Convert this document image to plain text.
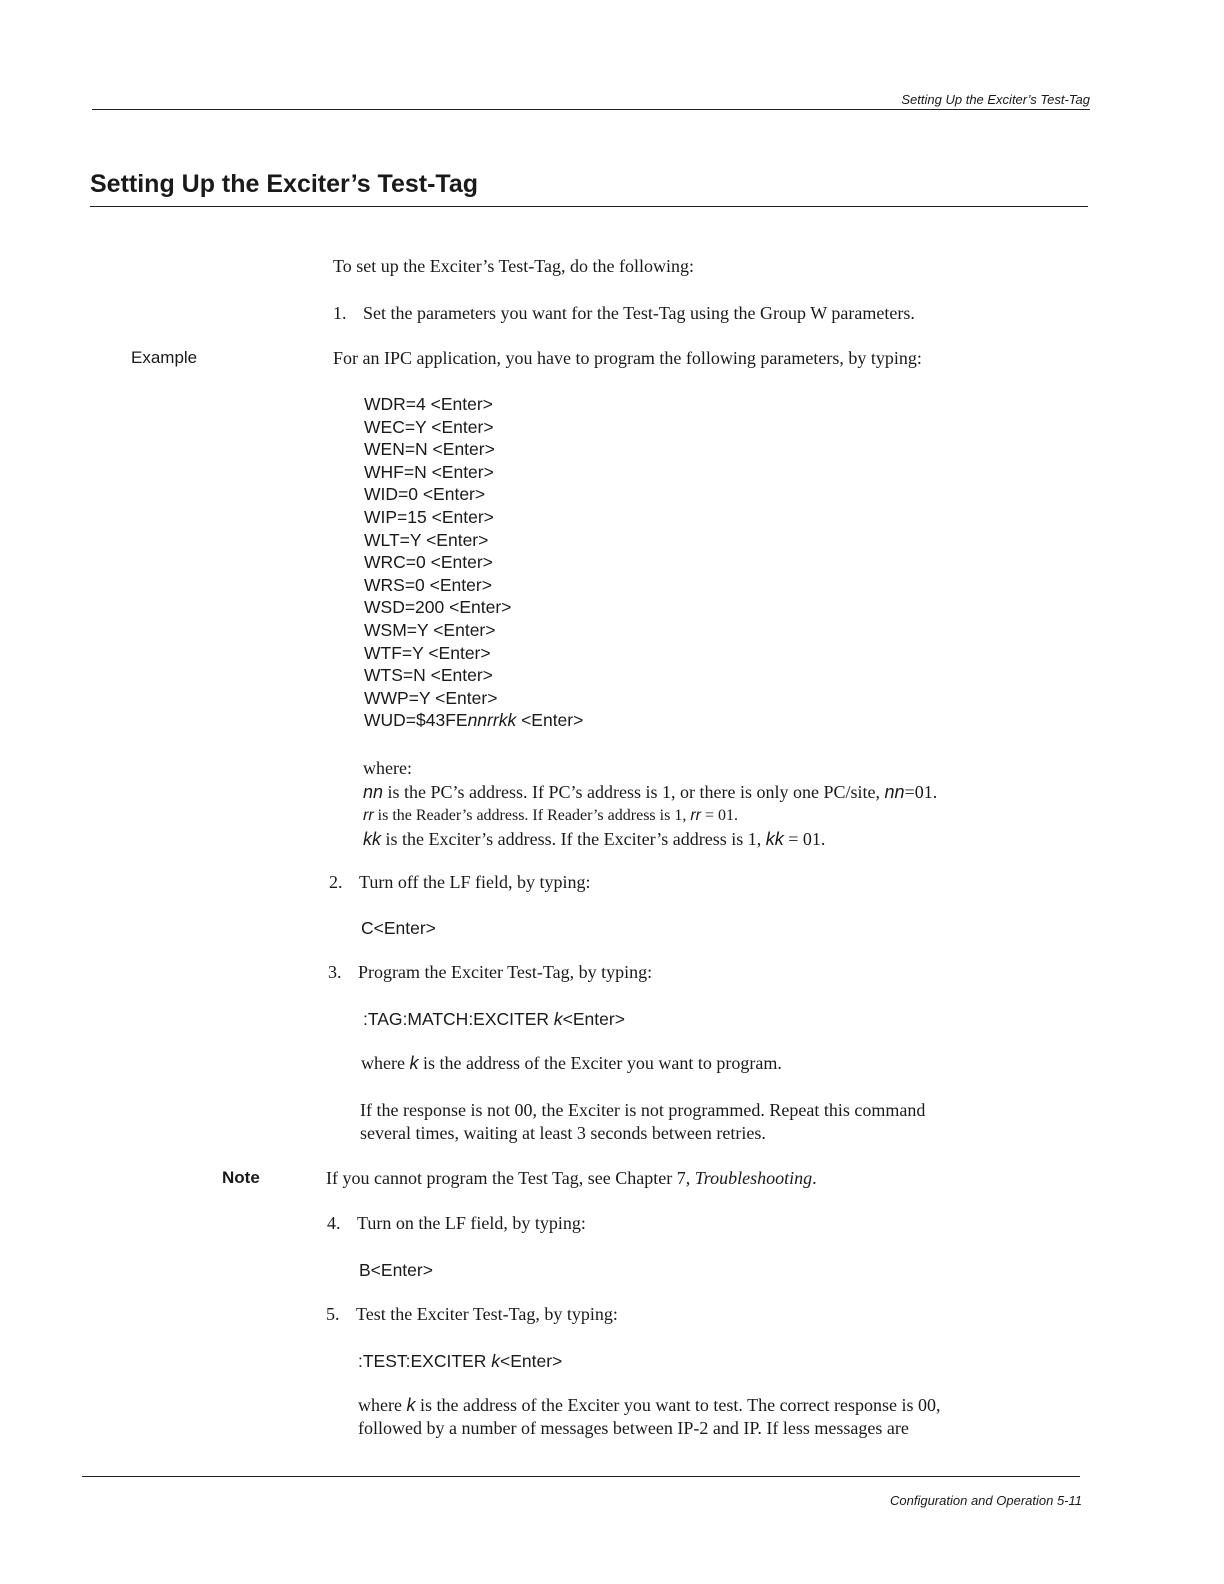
Setting Up the Exciter’s Test-Tag
Setting Up the Exciter’s Test-Tag
To set up the Exciter’s Test-Tag, do the following:
1. Set the parameters you want for the Test-Tag using the Group W parameters.
Example	For an IPC application, you have to program the following parameters, by typing:
WDR=4 <Enter>
WEC=Y <Enter>
WEN=N <Enter>
WHF=N <Enter>
WID=0 <Enter>
WIP=15 <Enter>
WLT=Y <Enter>
WRC=0 <Enter>
WRS=0 <Enter>
WSD=200 <Enter>
WSM=Y <Enter>
WTF=Y <Enter>
WTS=N <Enter>
WWP=Y <Enter>
WUD=$43FEnnrrkk <Enter>
where:
nn is the PC’s address. If PC’s address is 1, or there is only one PC/site, nn=01.
rr is the Reader’s address. If Reader’s address is 1, rr = 01.
kk is the Exciter’s address. If the Exciter’s address is 1, kk = 01.
2. Turn off the LF field, by typing:
C<Enter>
3. Program the Exciter Test-Tag, by typing:
:TAG:MATCH:EXCITER k<Enter>
where k is the address of the Exciter you want to program.
If the response is not 00, the Exciter is not programmed. Repeat this command
several times, waiting at least 3 seconds between retries.
Note	If you cannot program the Test Tag, see Chapter 7, Troubleshooting.
4. Turn on the LF field, by typing:
B<Enter>
5. Test the Exciter Test-Tag, by typing:
:TEST:EXCITER k<Enter>
where k is the address of the Exciter you want to test. The correct response is 00,
followed by a number of messages between IP-2 and IP. If less messages are
Configuration and Operation 5-11
